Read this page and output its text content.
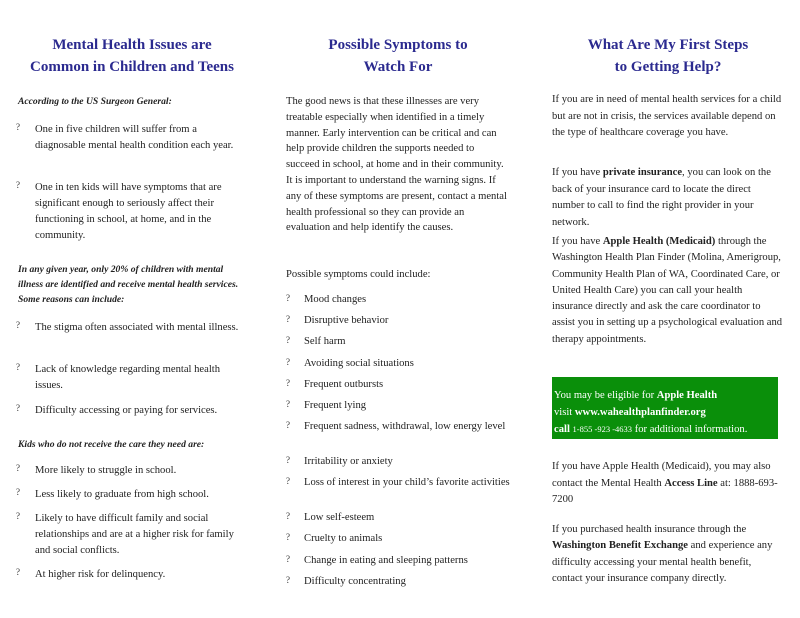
Mental Health Issues are
Common in Children and Teens

According to the US Surgeon General:

? One in five children will suffer from a diagnosable mental health condition each year.
? One in ten kids will have symptoms that are significant enough to seriously affect their functioning in school, at home, and in the community.

In any given year, only 20% of children with mental illness are identified and receive mental health services. Some reasons can include:

? The stigma often associated with mental illness.
? Lack of knowledge regarding mental health issues.
? Difficulty accessing or paying for services.

Kids who do not receive the care they need are:

? More likely to struggle in school.
? Less likely to graduate from high school.
? Likely to have difficult family and social relationships and are at a higher risk for family and social conflicts.
? At higher risk for delinquency.
Possible Symptoms to
Watch For

The good news is that these illnesses are very treatable especially when identified in a timely manner. Early intervention can be critical and can help provide children the supports needed to succeed in school, at home and in their community. It is important to understand the warning signs. If any of these symptoms are present, contact a mental health professional so they can provide an evaluation and help identify the causes.

Possible symptoms could include:

? Mood changes
? Disruptive behavior
? Self harm
? Avoiding social situations
? Frequent outbursts
? Frequent lying
? Frequent sadness, withdrawal, low energy level
? Irritability or anxiety
? Loss of interest in your child’s favorite activities
? Low self-esteem
? Cruelty to animals
? Change in eating and sleeping patterns
? Difficulty concentrating
What Are My First Steps
to Getting Help?

If you are in need of mental health services for a child but are not in crisis, the services available depend on the type of healthcare coverage you have.

If you have private insurance, you can look on the back of your insurance card to locate the direct number to call to find the right provider in your network.

If you have Apple Health (Medicaid) through the Washington Health Plan Finder (Molina, Amerigroup, Community Health Plan of WA, Coordinated Care, or United Health Care) you can call your health insurance directly and ask the care coordinator to assist you in setting up a psychological evaluation and therapy appointments.

You may be eligible for Apple Health
visit www.wahealthplanfinder.org
call 1-855 -923 -4633 for additional information.

If you have Apple Health (Medicaid), you may also contact the Mental Health Access Line at: 1888-693-7200

If you purchased health insurance through the Washington Benefit Exchange and experience any difficulty accessing your mental health benefit, contact your insurance company directly.
